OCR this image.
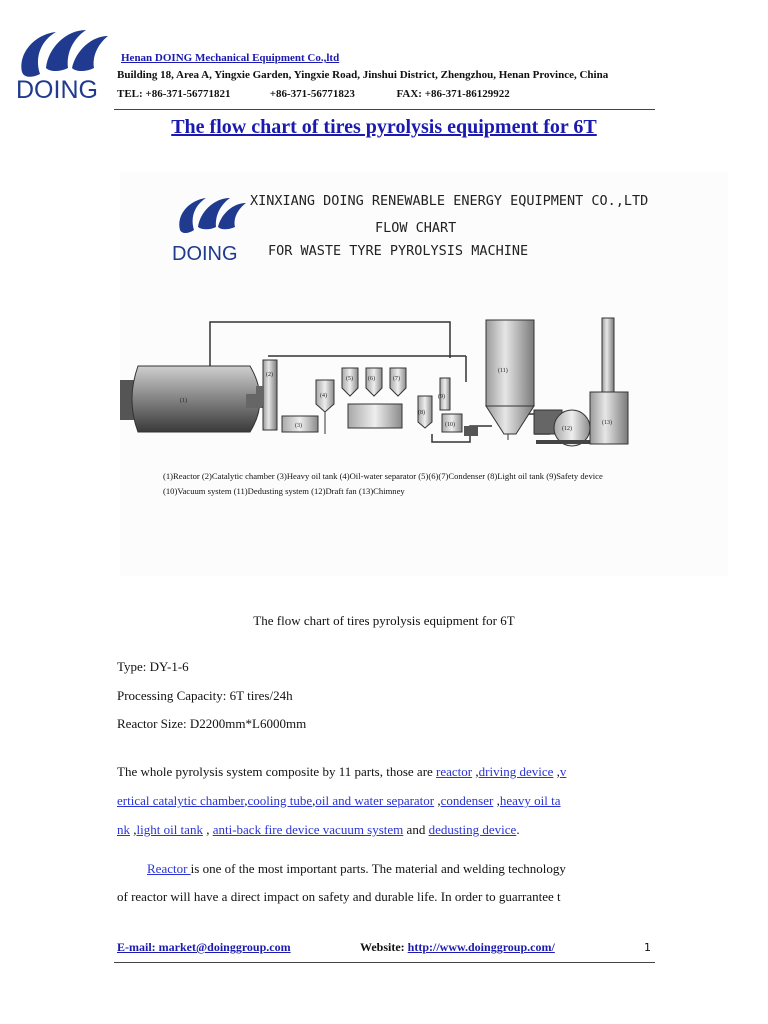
DOING
Henan DOING Mechanical Equipment Co.,ltd
Building 18, Area A, Yingxie Garden, Yingxie Road, Jinshui District, Zhengzhou, Henan Province, China
TEL: +86-371-56771821	+86-371-56771823	FAX: +86-371-86129922
The flow chart of tires pyrolysis equipment for 6T
DOING
(1)
(2)
(3)
(4)
(5)	(6)	(7)
(8)
(9)
(10)
(11)
(12)
(13)
XINXIANG DOING RENEWABLE ENERGY EQUIPMENT CO.,LTD
FLOW CHART
FOR WASTE TYRE PYROLYSIS MACHINE
(1)Reactor (2)Catalytic chamber (3)Heavy oil tank (4)Oil-water separator (5)(6)(7)Condenser (8)Light oil tank (9)Safety device
(10)Vacuum system (11)Dedusting system (12)Draft fan (13)Chimney
The flow chart of tires pyrolysis equipment for 6T
Type: DY-1-6
Processing Capacity: 6T tires/24h
Reactor Size: D2200mm*L6000mm
The whole pyrolysis system composite by 11 parts, those are reactor ,driving device ,v
ertical catalytic chamber,cooling tube,oil and water separator ,condenser ,heavy oil ta
nk ,light oil tank , anti-back fire device vacuum system and dedusting device.
Reactor is one of the most important parts. The material and welding technology
of reactor will have a direct impact on safety and durable life. In order to guarrantee t
E-mail: market@doinggroup.com	Website: http://www.doinggroup.com/	1
